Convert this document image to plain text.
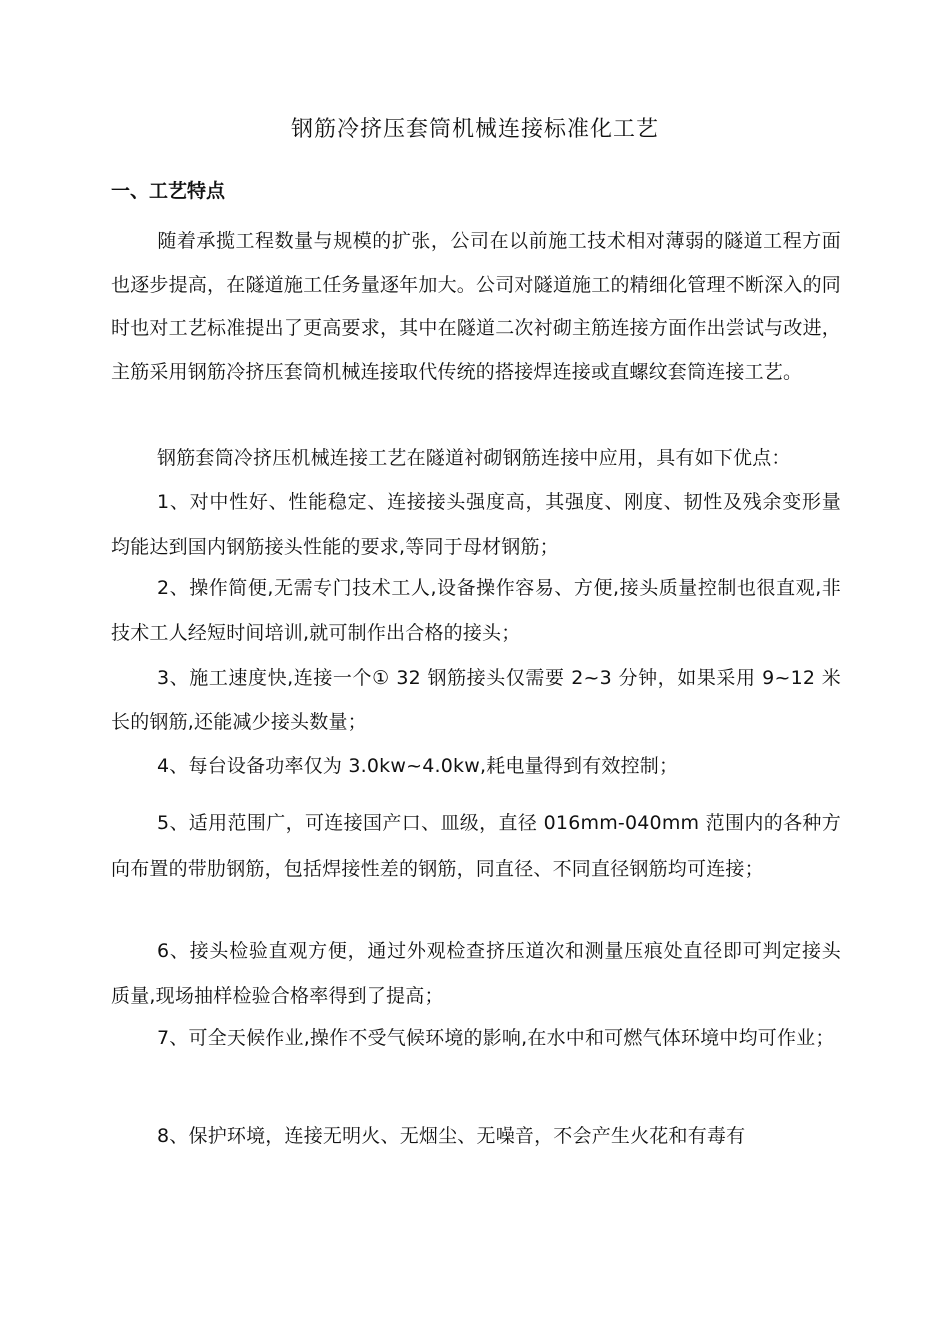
钢筋冷挤压套筒机械连接标准化工艺
一、工艺特点

随着承揽工程数量与规模的扩张，公司在以前施工技术相对薄弱的隧道工程方面也逐步提高，在隧道施工任务量逐年加大。公司对隧道施工的精细化管理不断深入的同时也对工艺标准提出了更高要求，其中在隧道二次衬砌主筋连接方面作出尝试与改进，主筋采用钢筋冷挤压套筒机械连接取代传统的搭接焊连接或直螺纹套筒连接工艺。

钢筋套筒冷挤压机械连接工艺在隧道衬砌钢筋连接中应用，具有如下优点：

1、对中性好、性能稳定、连接接头强度高，其强度、刚度、韧性及残余变形量均能达到国内钢筋接头性能的要求,等同于母材钢筋；

2、操作简便,无需专门技术工人,设备操作容易、方便,接头质量控制也很直观,非技术工人经短时间培训,就可制作出合格的接头；

3、施工速度快,连接一个① 32 钢筋接头仅需要 2~3 分钟，如果采用 9~12 米长的钢筋,还能减少接头数量；

4、每台设备功率仅为 3.0kw~4.0kw,耗电量得到有效控制；

5、适用范围广，可连接国产口、皿级，直径 016mm-040mm 范围内的各种方向布置的带肋钢筋，包括焊接性差的钢筋，同直径、不同直径钢筋均可连接；

6、接头检验直观方便，通过外观检查挤压道次和测量压痕处直径即可判定接头质量,现场抽样检验合格率得到了提高；

7、可全天候作业,操作不受气候环境的影响,在水中和可燃气体环境中均可作业；

8、保护环境，连接无明火、无烟尘、无噪音，不会产生火花和有毒有
